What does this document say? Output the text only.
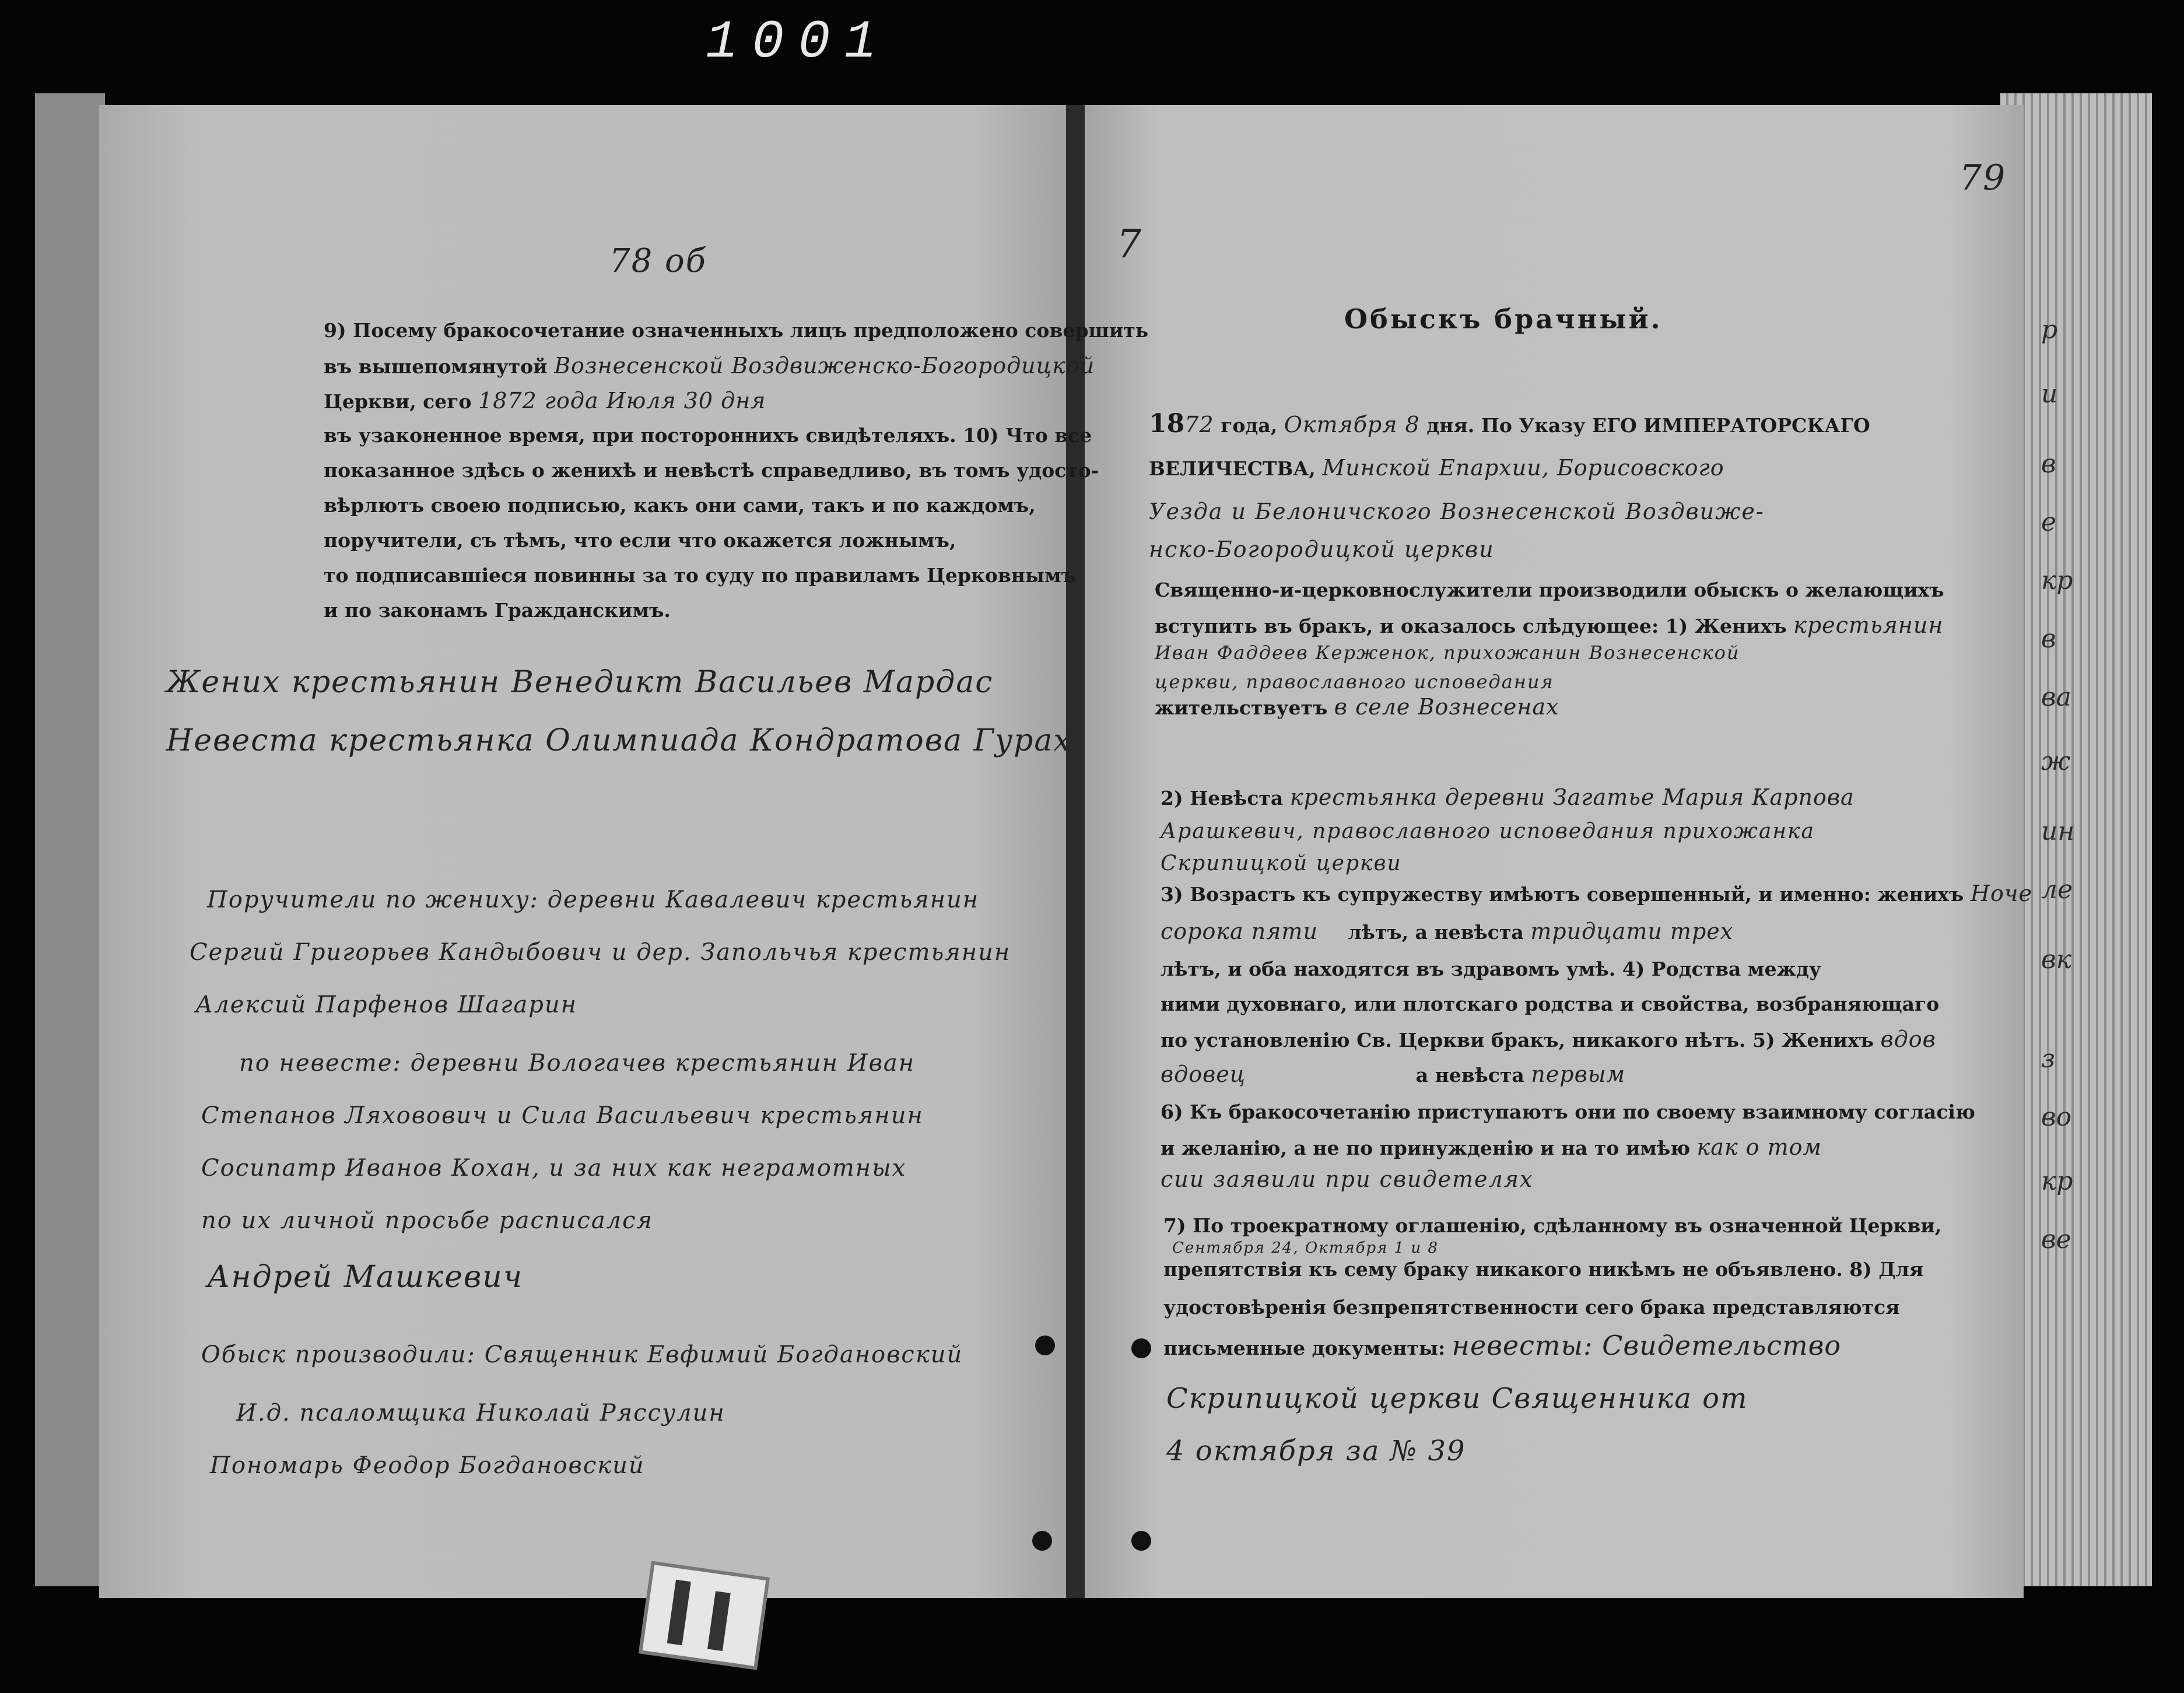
1001
78 об
9) Посему бракосочетание означенныхъ лицъ предположено совершить
въ вышепомянутой Вознесенской Воздвиженско-Богородицкой
Церкви, сего 1872 года Июля 30 дня
въ узаконенное время, при постороннихъ свидѣтеляхъ. 10) Что все
показанное здѣсь о женихѣ и невѣстѣ справедливо, въ томъ удосто-
вѣрлютъ своею подписью, какъ они сами, такъ и по каждомъ,
поручители, съ тѣмъ, что если что окажется ложнымъ,
то подписавшіеся повинны за то суду по правиламъ Церковнымъ
и по законамъ Гражданскимъ.
Жених крестьянин Венедикт Васильев Мардас
Невеста крестьянка Олимпиада Кондратова Гурах
Поручители по жениху: деревни Кавалевич крестьянин
Сергий Григорьев Кандыбович и дер. Запольчья крестьянин
Алексий Парфенов Шагарин
по невесте: деревни Вологачев крестьянин Иван
Степанов Ляховович и Сила Васильевич крестьянин
Сосипатр Иванов Кохан, и за них как неграмотных
по их личной просьбе расписался
Андрей Машкевич
Обыск производили: Священник Евфимий Богдановский
И.д. псаломщика Николай Ряссулин
Пономарь Феодор Богдановский
7
79
Обыскъ брачный.
1872 года, Октября 8 дня. По Указу ЕГО ИМПЕРАТОРСКАГО
ВЕЛИЧЕСТВА, Минской Епархии, Борисовского
Уезда и Белоничского Вознесенской Воздвиже-
нско-Богородицкой церкви
Священно-и-церковнослужители производили обыскъ о желающихъ
вступить въ бракъ, и оказалось слѣдующее: 1) Женихъ крестьянин
Иван Фаддеев Керженок, прихожанин Вознесенской
церкви, православного исповедания
жительствуетъ в селе Вознесенах
2) Невѣста крестьянка деревни Загатье Мария Карпова
Арашкевич, православного исповедания прихожанка
Скрипицкой церкви
3) Возрастъ къ супружеству имѣютъ совершенный, и именно: женихъ Ноче
сорока пяти лѣтъ, а невѣста тридцати трех
лѣтъ, и оба находятся въ здравомъ умѣ. 4) Родства между
ними духовнаго, или плотскаго родства и свойства, возбраняющаго
по установленію Св. Церкви бракъ, никакого нѣтъ. 5) Женихъ вдов
вдовец	а невѣста первым
6) Къ бракосочетанію приступаютъ они по своему взаимному согласію
и желанію, а не по принужденію и на то имѣю как о том
сии заявили при свидетелях
7) По троекратному оглашенію, сдѣланному въ означенной Церкви,
Сентября 24, Октября 1 и 8
препятствія къ сему браку никакого никѣмъ не объявлено. 8) Для
удостовѣренія безпрепятственности сего брака представляются
письменные документы: невесты: Свидетельство
Скрипицкой церкви Священника от
4 октября за № 39
р
и
в
е
кр
в
ва
ж
ин
ле
вк
з
во
кр
ве
